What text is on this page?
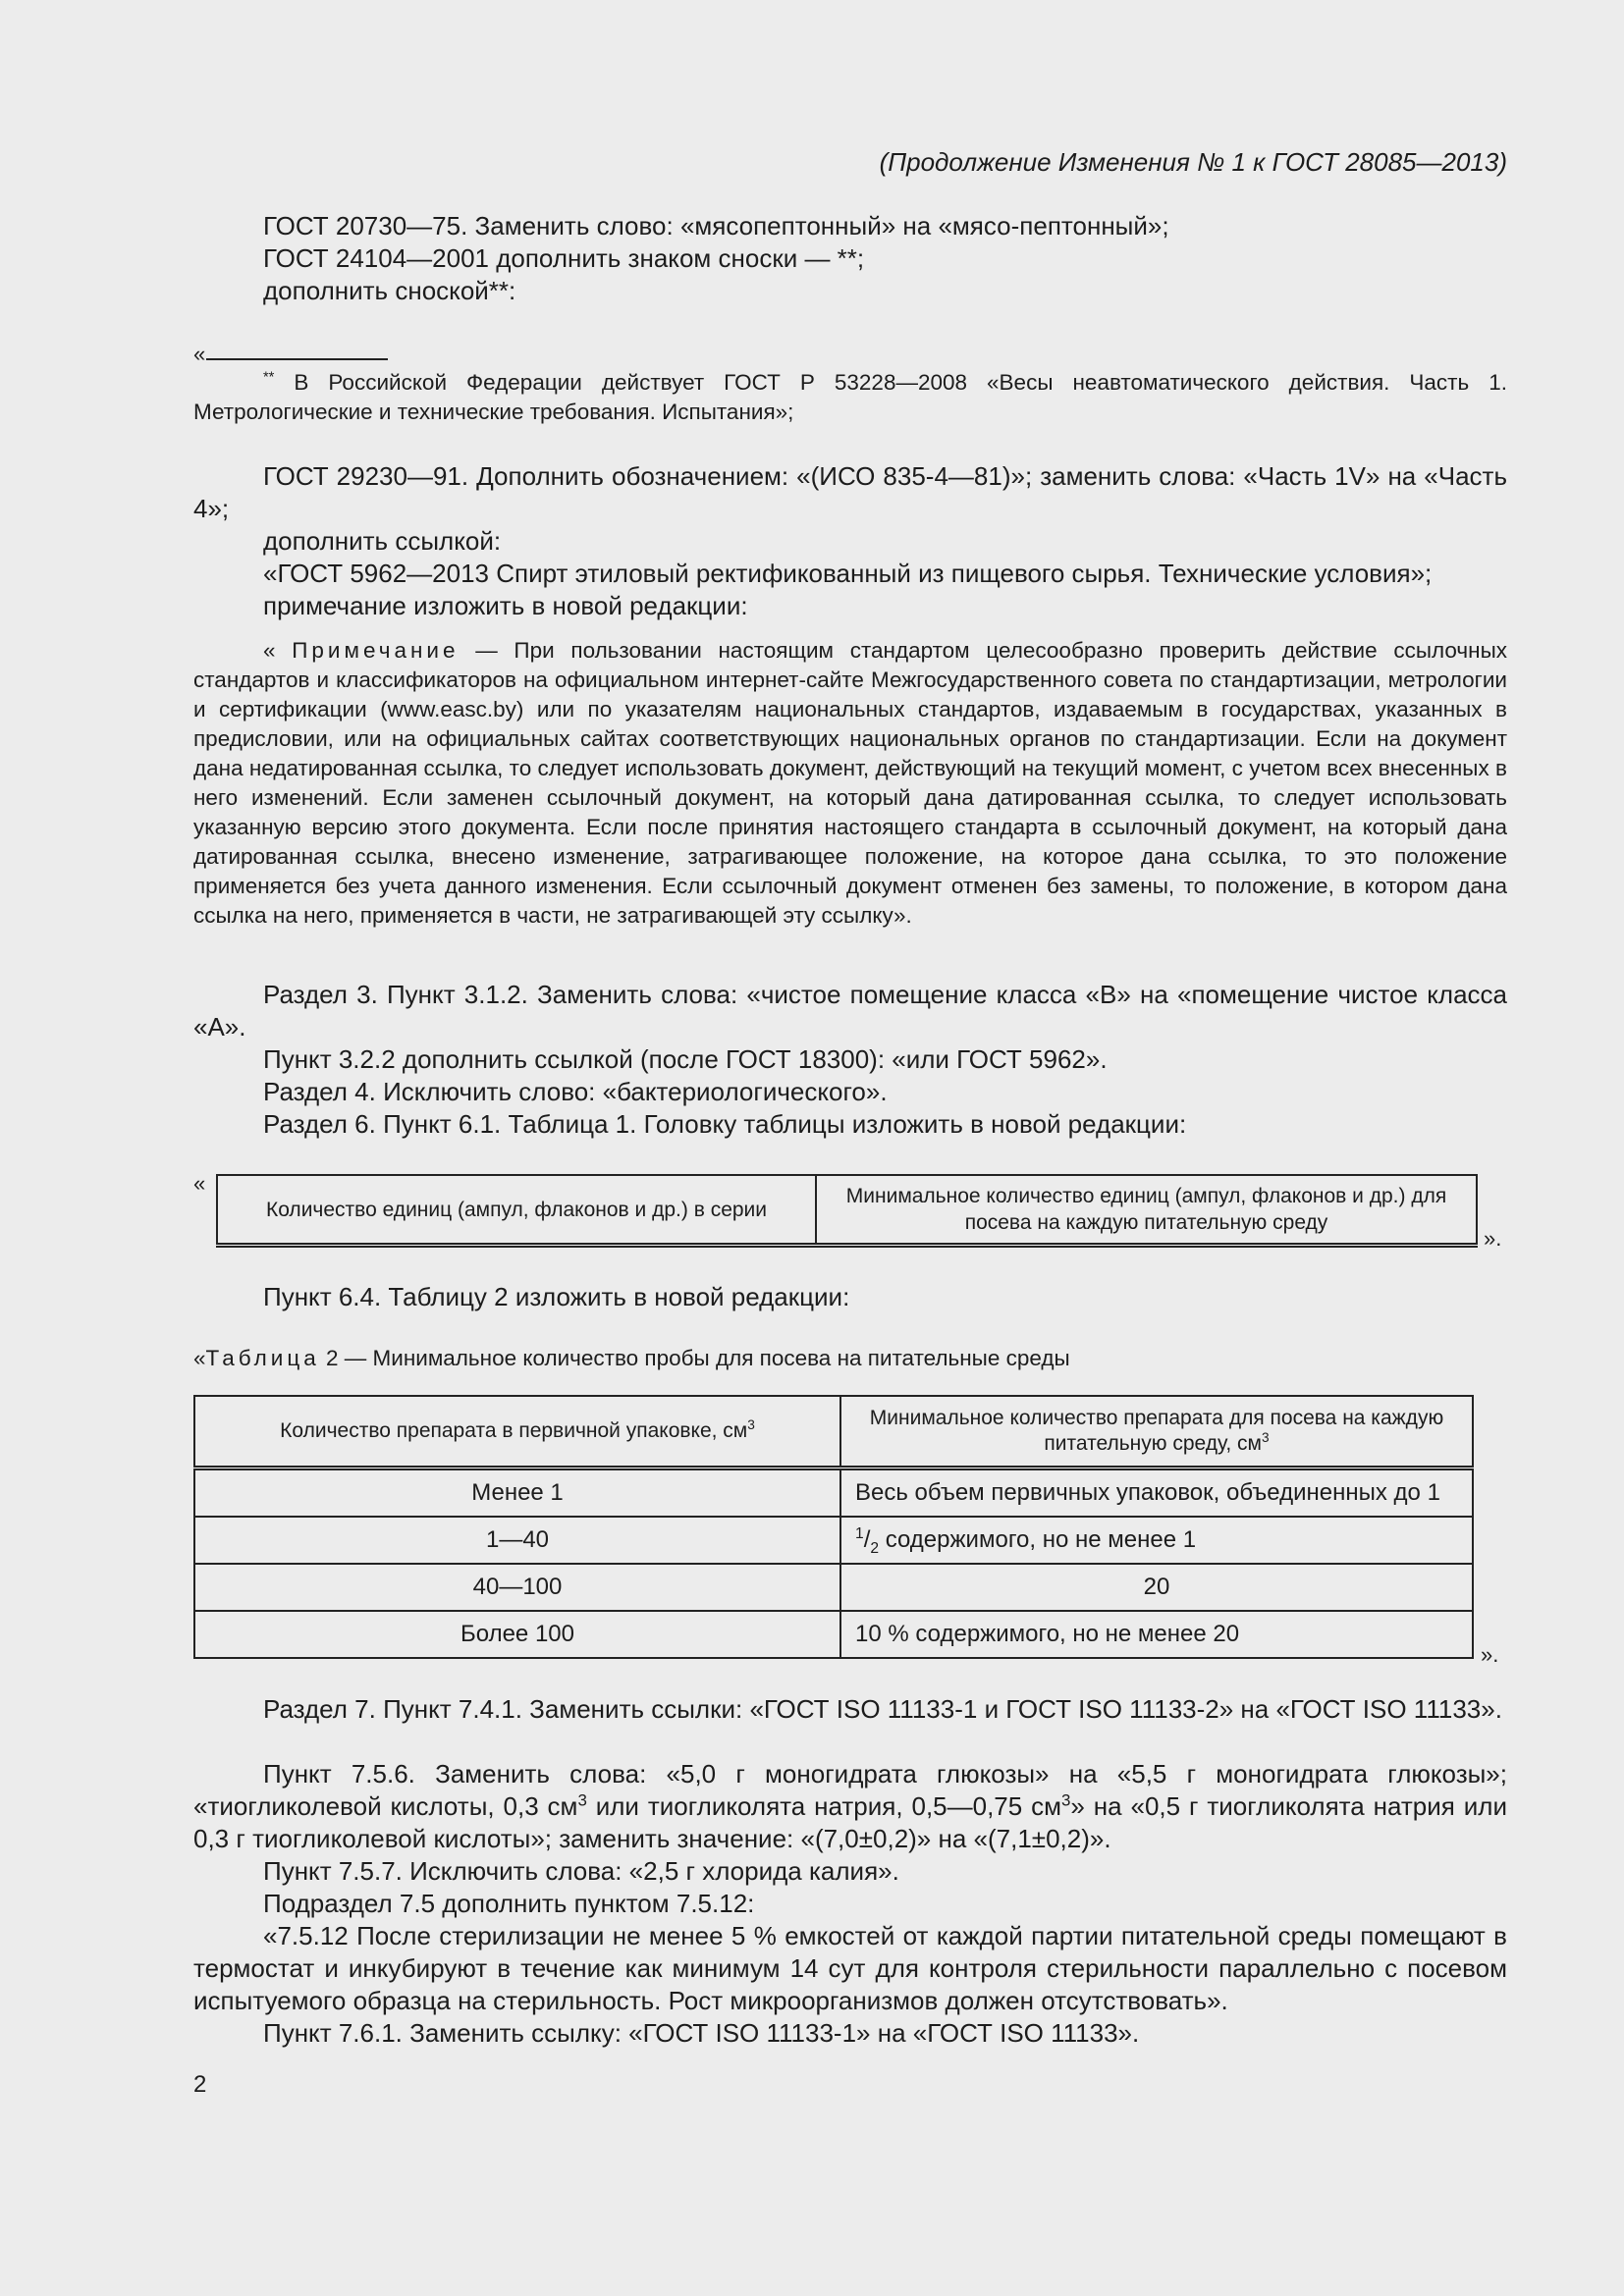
(Продолжение Изменения № 1 к ГОСТ 28085—2013)
ГОСТ 20730—75. Заменить слово: «мясопептонный» на «мясо-пептонный»;
ГОСТ 24104—2001 дополнить знаком сноски — **;
дополнить сноской**:
«
** В Российской Федерации действует ГОСТ Р 53228—2008 «Весы неавтоматического действия. Часть 1. Метрологические и технические требования. Испытания»;
ГОСТ 29230—91. Дополнить обозначением: «(ИСО 835-4—81)»; заменить слова: «Часть 1V» на «Часть 4»;
дополнить ссылкой:
«ГОСТ 5962—2013 Спирт этиловый ректификованный из пищевого сырья. Технические условия»;
примечание изложить в новой редакции:
« Примечание — При пользовании настоящим стандартом целесообразно проверить действие ссылочных стандартов и классификаторов на официальном интернет-сайте Межгосударственного совета по стандартизации, метрологии и сертификации (www.easc.by) или по указателям национальных стандартов, издаваемым в государствах, указанных в предисловии, или на официальных сайтах соответствующих национальных органов по стандартизации. Если на документ дана недатированная ссылка, то следует использовать документ, действующий на текущий момент, с учетом всех внесенных в него изменений. Если заменен ссылочный документ, на который дана датированная ссылка, то следует использовать указанную версию этого документа. Если после принятия настоящего стандарта в ссылочный документ, на который дана датированная ссылка, внесено изменение, затрагивающее положение, на которое дана ссылка, то это положение применяется без учета данного изменения. Если ссылочный документ отменен без замены, то положение, в котором дана ссылка на него, применяется в части, не затрагивающей эту ссылку».
Раздел 3. Пункт 3.1.2. Заменить слова: «чистое помещение класса «В» на «помещение чистое класса «А».
Пункт 3.2.2 дополнить ссылкой (после ГОСТ 18300): «или ГОСТ 5962».
Раздел 4. Исключить слово: «бактериологического».
Раздел 6. Пункт 6.1. Таблица 1. Головку таблицы изложить в новой редакции:
«
Количество единиц (ампул, флаконов и др.) в серии	Минимальное количество единиц (ампул, флаконов и др.) для посева на каждую питательную среду
».
Пункт 6.4. Таблицу 2 изложить в новой редакции:
«Таблица 2 — Минимальное количество пробы для посева на питательные среды
Количество препарата в первичной упаковке, $см^3$	Минимальное количество препарата для посева на каждую питательную среду, $см^3$
Менее 1	Весь объем первичных упаковок, объединенных до 1
1—40	$^1/_2$ содержимого, но не менее 1
40—100	20
Более 100	10 % содержимого, но не менее 20
».
Раздел 7. Пункт 7.4.1. Заменить ссылки: «ГОСТ ISO 11133-1 и ГОСТ ISO 11133-2» на «ГОСТ ISO 11133».
Пункт 7.5.6. Заменить слова: «5,0 г моногидрата глюкозы» на «5,5 г моногидрата глюкозы»; «тиогликолевой кислоты, 0,3 $см^3$ или тиогликолята натрия, 0,5—0,75 $см^3$» на «0,5 г тиогликолята натрия или 0,3 г тиогликолевой кислоты»; заменить значение: «(7,0±0,2)» на «(7,1±0,2)».
Пункт 7.5.7. Исключить слова: «2,5 г хлорида калия».
Подраздел 7.5 дополнить пунктом 7.5.12:
«7.5.12 После стерилизации не менее 5 % емкостей от каждой партии питательной среды помещают в термостат и инкубируют в течение как минимум 14 сут для контроля стерильности параллельно с посевом испытуемого образца на стерильность. Рост микроорганизмов должен отсутствовать».
Пункт 7.6.1. Заменить ссылку: «ГОСТ ISO 11133-1» на «ГОСТ ISO 11133».
2
